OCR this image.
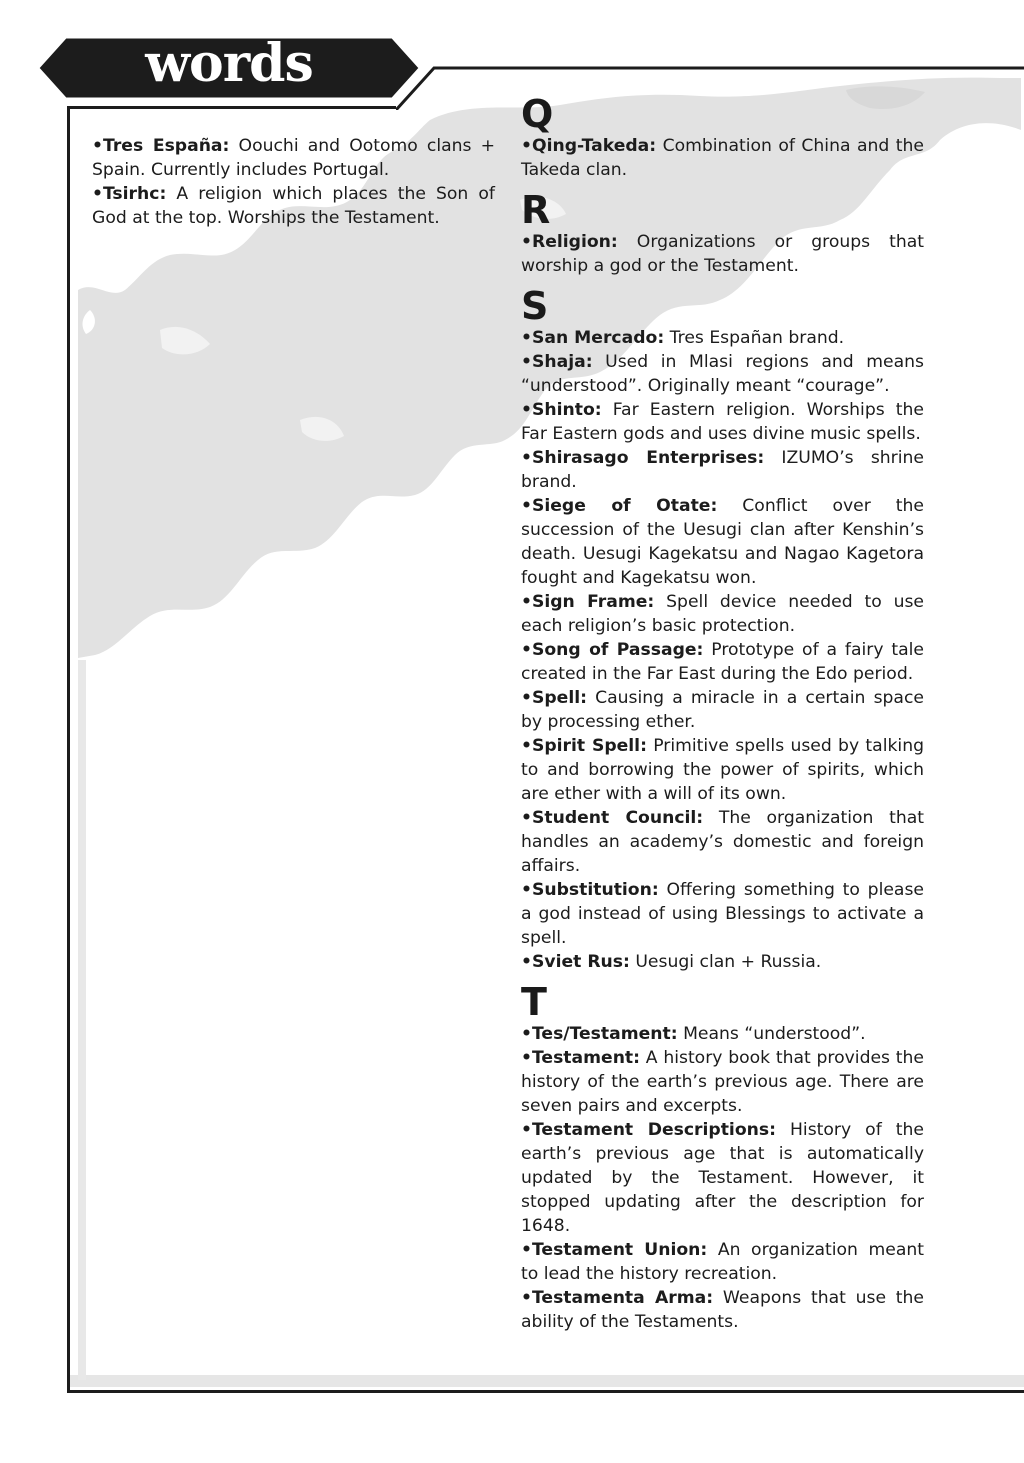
words

•Tres España: Oouchi and Ootomo clans + Spain. Currently includes Portugal.

•Tsirhc: A religion which places the Son of God at the top. Worships the Testament.

Q

•Qing-Takeda: Combination of China and the Takeda clan.

R

•Religion: Organizations or groups that worship a god or the Testament.

S

•San Mercado: Tres Españan brand.

•Shaja: Used in Mlasi regions and means “understood”. Originally meant “courage”.

•Shinto: Far Eastern religion. Worships the Far Eastern gods and uses divine music spells.

•Shirasago Enterprises: IZUMO’s shrine brand.

•Siege of Otate: Conflict over the succession of the Uesugi clan after Kenshin’s death. Uesugi Kagekatsu and Nagao Kagetora fought and Kagekatsu won.

•Sign Frame: Spell device needed to use each religion’s basic protection.

•Song of Passage: Prototype of a fairy tale created in the Far East during the Edo period.

•Spell: Causing a miracle in a certain space by processing ether.

•Spirit Spell: Primitive spells used by talking to and borrowing the power of spirits, which are ether with a will of its own.

•Student Council: The organization that handles an academy’s domestic and foreign affairs.

•Substitution: Offering something to please a god instead of using Blessings to activate a spell.

•Sviet Rus: Uesugi clan + Russia.

T

•Tes/Testament: Means “understood”.

•Testament: A history book that provides the history of the earth’s previous age. There are seven pairs and excerpts.

•Testament Descriptions: History of the earth’s previous age that is automatically updated by the Testament. However, it stopped updating after the description for 1648.

•Testament Union: An organization meant to lead the history recreation.

•Testamenta Arma: Weapons that use the ability of the Testaments.
